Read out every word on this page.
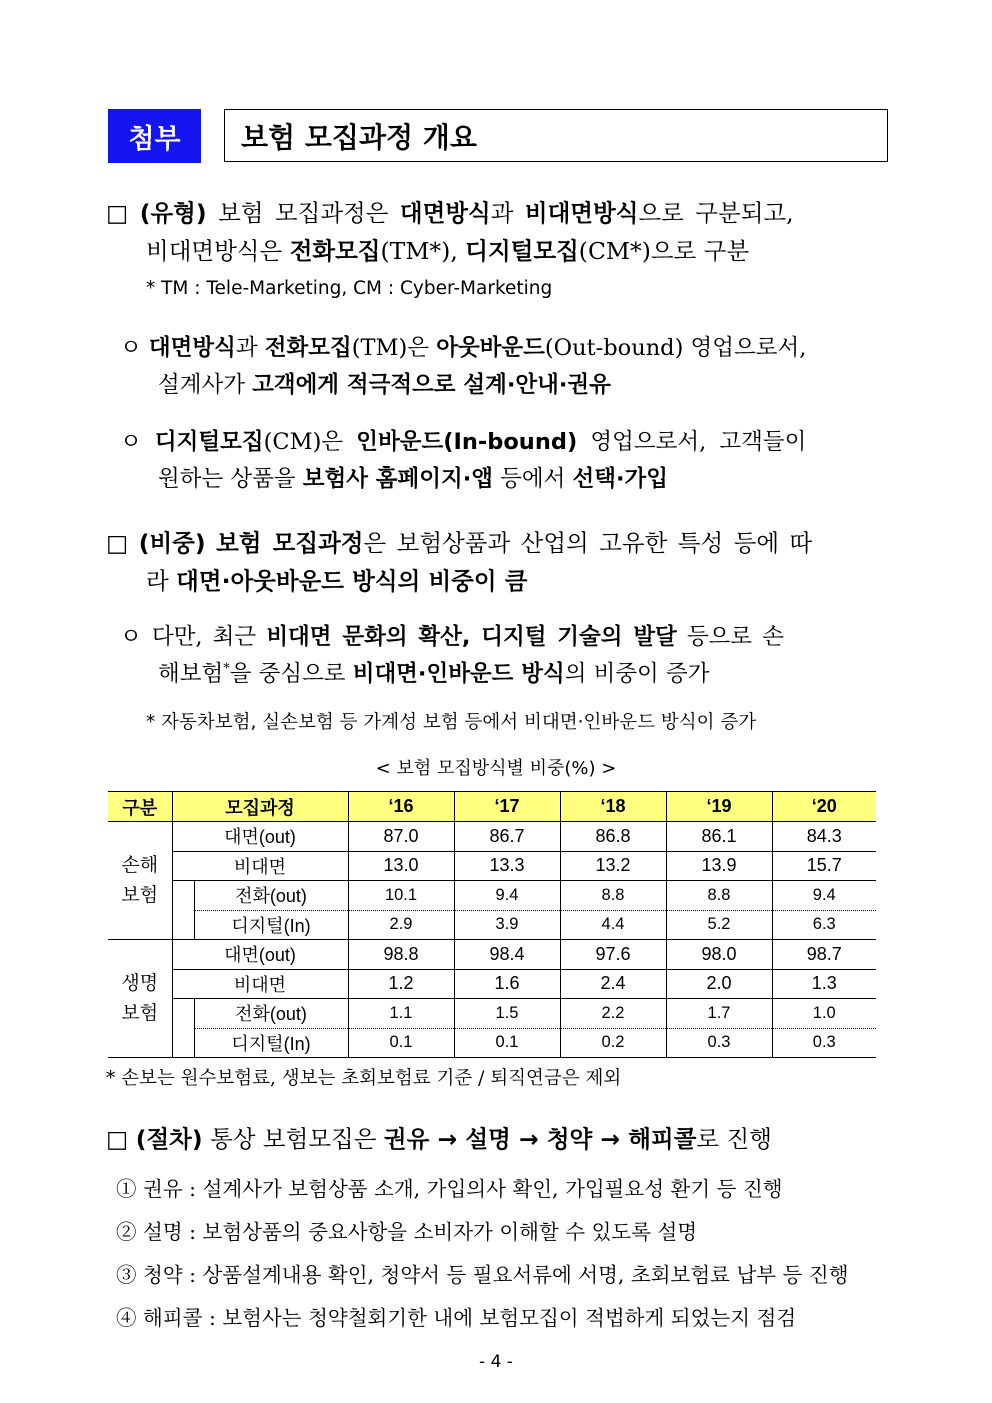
첨부	보험 모집과정 개요
□ (유형) 보험 모집과정은 대면방식과 비대면방식으로 구분되고,
비대면방식은 전화모집(TM*), 디지털모집(CM*)으로 구분
* TM : Tele-Marketing, CM : Cyber-Marketing
ㅇ 대면방식과 전화모집(TM)은 아웃바운드(Out-bound) 영업으로서,
설계사가 고객에게 적극적으로 설계·안내·권유
ㅇ 디지털모집(CM)은 인바운드(In-bound) 영업으로서, 고객들이
원하는 상품을 보험사 홈페이지·앱 등에서 선택·가입
□ (비중) 보험 모집과정은 보험상품과 산업의 고유한 특성 등에 따
라 대면·아웃바운드 방식의 비중이 큼
ㅇ 다만, 최근 비대면 문화의 확산, 디지털 기술의 발달 등으로 손
해보험*을 중심으로 비대면·인바운드 방식의 비중이 증가
* 자동차보험, 실손보험 등 가계성 보험 등에서 비대면·인바운드 방식이 증가
< 보험 모집방식별 비중(%) >
구분	모집과정		‘16	‘17	‘18	‘19	‘20

손해
보험	대면(out)		87.0	86.7	86.8	86.1	84.3
	비대면		13.0	13.3	13.2	13.9	15.7
		전화(out)	10.1	9.4	8.8	8.8	9.4
		디지털(In)	2.9	3.9	4.4	5.2	6.3

생명
보험	대면(out)		98.8	98.4	97.6	98.0	98.7
	비대면		1.2	1.6	2.4	2.0	1.3
		전화(out)	1.1	1.5	2.2	1.7	1.0
		디지털(In)	0.1	0.1	0.2	0.3	0.3
* 손보는 원수보험료, 생보는 초회보험료 기준 / 퇴직연금은 제외
□ (절차) 통상 보험모집은 권유 → 설명 → 청약 → 해피콜로 진행
① 권유 : 설계사가 보험상품 소개, 가입의사 확인, 가입필요성 환기 등 진행
② 설명 : 보험상품의 중요사항을 소비자가 이해할 수 있도록 설명
③ 청약 : 상품설계내용 확인, 청약서 등 필요서류에 서명, 초회보험료 납부 등 진행
④ 해피콜 : 보험사는 청약철회기한 내에 보험모집이 적법하게 되었는지 점검
- 4 -
